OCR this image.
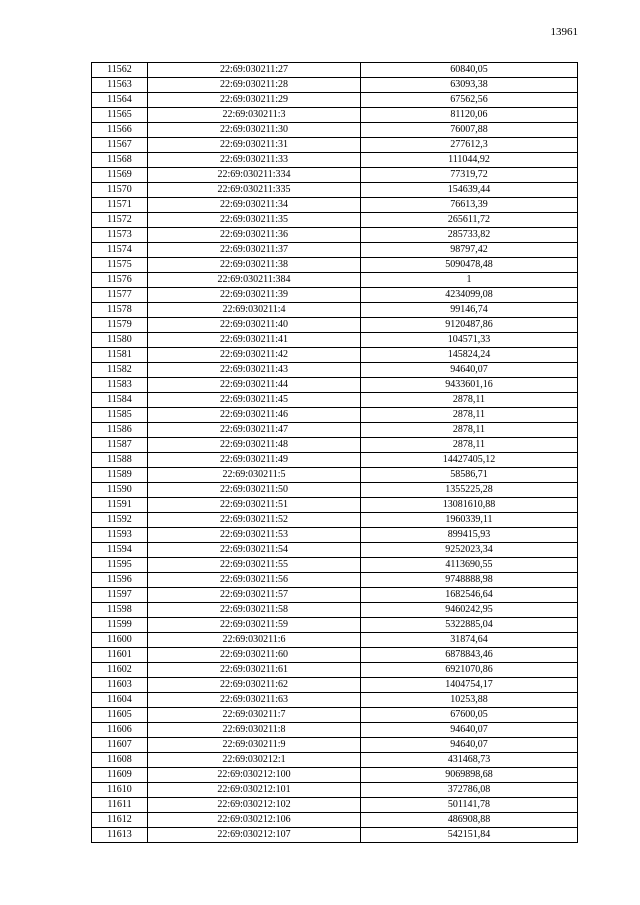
13961
11562	22:69:030211:27	60840,05
11563	22:69:030211:28	63093,38
11564	22:69:030211:29	67562,56
11565	22:69:030211:3	81120,06
11566	22:69:030211:30	76007,88
11567	22:69:030211:31	277612,3
11568	22:69:030211:33	111044,92
11569	22:69:030211:334	77319,72
11570	22:69:030211:335	154639,44
11571	22:69:030211:34	76613,39
11572	22:69:030211:35	265611,72
11573	22:69:030211:36	285733,82
11574	22:69:030211:37	98797,42
11575	22:69:030211:38	5090478,48
11576	22:69:030211:384	1
11577	22:69:030211:39	4234099,08
11578	22:69:030211:4	99146,74
11579	22:69:030211:40	9120487,86
11580	22:69:030211:41	104571,33
11581	22:69:030211:42	145824,24
11582	22:69:030211:43	94640,07
11583	22:69:030211:44	9433601,16
11584	22:69:030211:45	2878,11
11585	22:69:030211:46	2878,11
11586	22:69:030211:47	2878,11
11587	22:69:030211:48	2878,11
11588	22:69:030211:49	14427405,12
11589	22:69:030211:5	58586,71
11590	22:69:030211:50	1355225,28
11591	22:69:030211:51	13081610,88
11592	22:69:030211:52	1960339,11
11593	22:69:030211:53	899415,93
11594	22:69:030211:54	9252023,34
11595	22:69:030211:55	4113690,55
11596	22:69:030211:56	9748888,98
11597	22:69:030211:57	1682546,64
11598	22:69:030211:58	9460242,95
11599	22:69:030211:59	5322885,04
11600	22:69:030211:6	31874,64
11601	22:69:030211:60	6878843,46
11602	22:69:030211:61	6921070,86
11603	22:69:030211:62	1404754,17
11604	22:69:030211:63	10253,88
11605	22:69:030211:7	67600,05
11606	22:69:030211:8	94640,07
11607	22:69:030211:9	94640,07
11608	22:69:030212:1	431468,73
11609	22:69:030212:100	9069898,68
11610	22:69:030212:101	372786,08
11611	22:69:030212:102	501141,78
11612	22:69:030212:106	486908,88
11613	22:69:030212:107	542151,84
